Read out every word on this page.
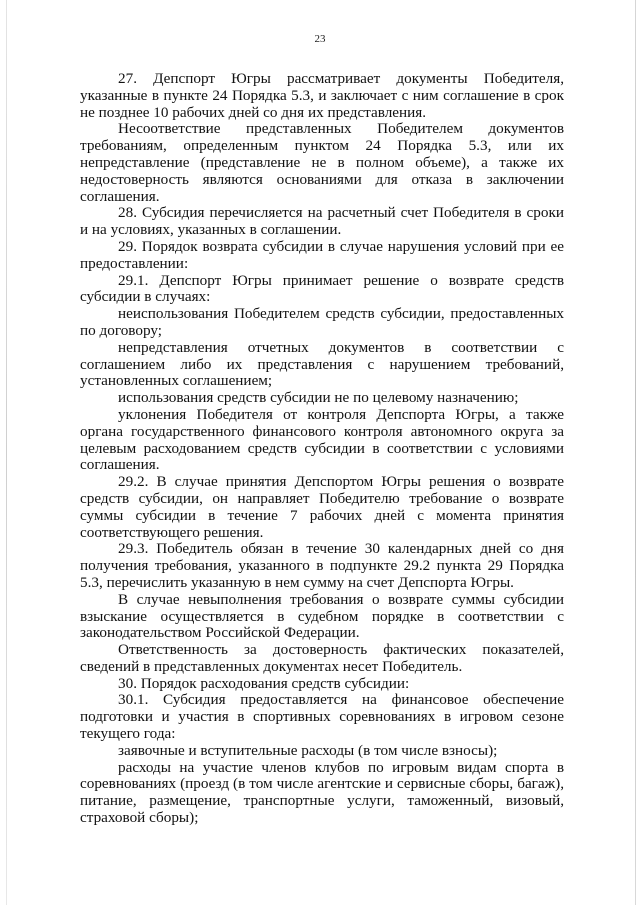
23

27. Депспорт Югры рассматривает документы Победителя, указанные в пункте 24 Порядка 5.3, и заключает с ним соглашение в срок не позднее 10 рабочих дней со дня их представления.

Несоответствие представленных Победителем документов требованиям, определенным пунктом 24 Порядка 5.3, или их непредставление (представление не в полном объеме), а также их недостоверность являются основаниями для отказа в заключении соглашения.

28. Субсидия перечисляется на расчетный счет Победителя в сроки и на условиях, указанных в соглашении.

29. Порядок возврата субсидии в случае нарушения условий при ее предоставлении:

29.1. Депспорт Югры принимает решение о возврате средств субсидии в случаях:

неиспользования Победителем средств субсидии, предоставленных по договору;

непредставления отчетных документов в соответствии с соглашением либо их представления с нарушением требований, установленных соглашением;

использования средств субсидии не по целевому назначению;

уклонения Победителя от контроля Депспорта Югры, а также органа государственного финансового контроля автономного округа за целевым расходованием средств субсидии в соответствии с условиями соглашения.

29.2. В случае принятия Депспортом Югры решения о возврате средств субсидии, он направляет Победителю требование о возврате суммы субсидии в течение 7 рабочих дней с момента принятия соответствующего решения.

29.3. Победитель обязан в течение 30 календарных дней со дня получения требования, указанного в подпункте 29.2 пункта 29 Порядка 5.3, перечислить указанную в нем сумму на счет Депспорта Югры.

В случае невыполнения требования о возврате суммы субсидии взыскание осуществляется в судебном порядке в соответствии с законодательством Российской Федерации.

Ответственность за достоверность фактических показателей, сведений в представленных документах несет Победитель.

30. Порядок расходования средств субсидии:

30.1. Субсидия предоставляется на финансовое обеспечение подготовки и участия в спортивных соревнованиях в игровом сезоне текущего года:

заявочные и вступительные расходы (в том числе взносы);

расходы на участие членов клубов по игровым видам спорта в соревнованиях (проезд (в том числе агентские и сервисные сборы, багаж), питание, размещение, транспортные услуги, таможенный, визовый, страховой сборы);
